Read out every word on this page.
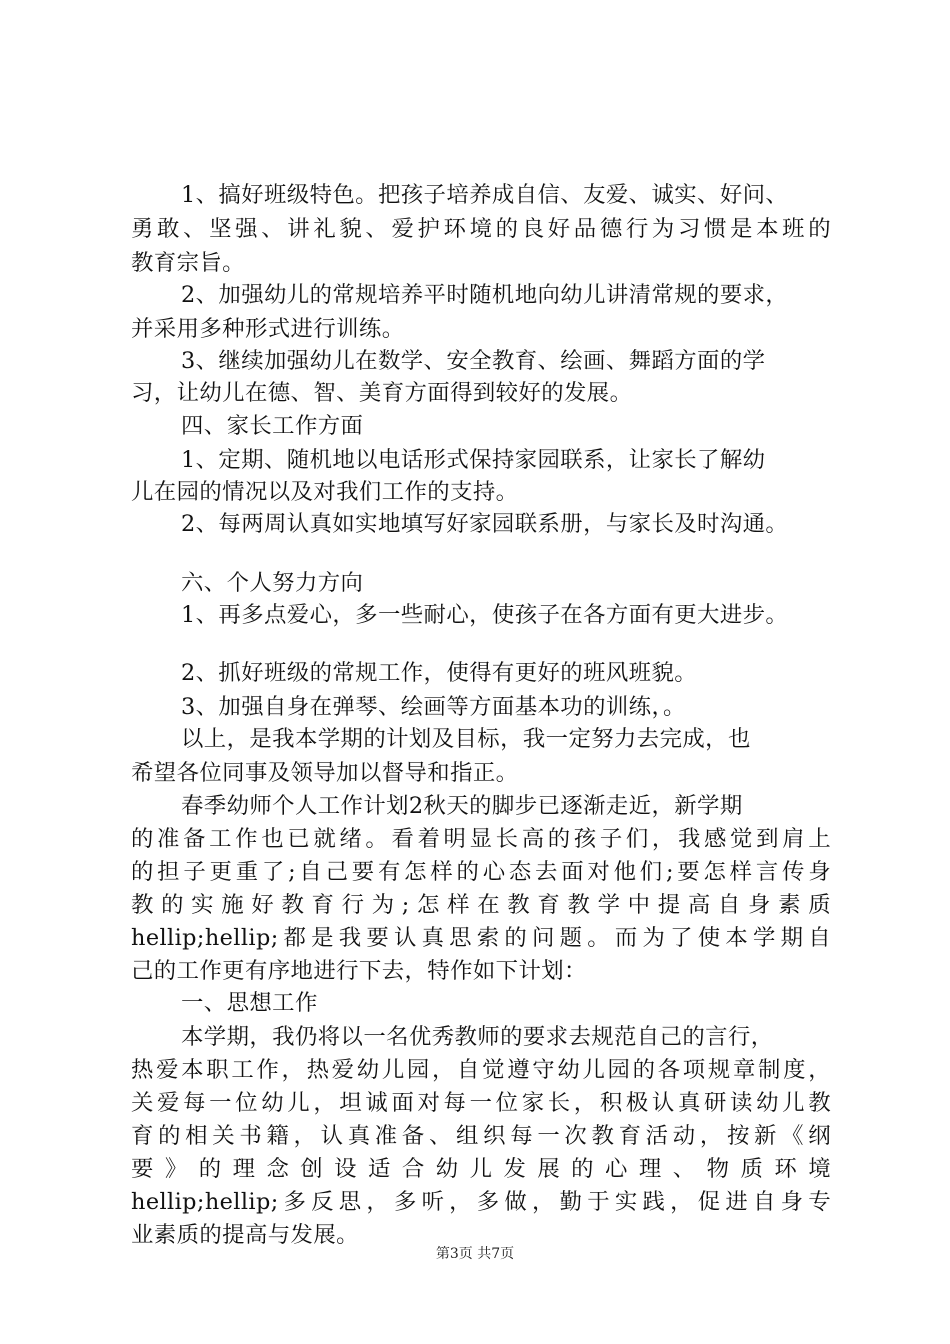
1、搞好班级特色。把孩子培养成自信、友爱、诚实、好问、
勇敢、坚强、讲礼貌、爱护环境的良好品德行为习惯是本班的
教育宗旨。
2、加强幼儿的常规培养平时随机地向幼儿讲清常规的要求，
并采用多种形式进行训练。
3、继续加强幼儿在数学、安全教育、绘画、舞蹈方面的学
习，让幼儿在德、智、美育方面得到较好的发展。
四、家长工作方面
1、定期、随机地以电话形式保持家园联系，让家长了解幼
儿在园的情况以及对我们工作的支持。
2、每两周认真如实地填写好家园联系册，与家长及时沟通。
六、个人努力方向
1、再多点爱心，多一些耐心，使孩子在各方面有更大进步。
2、抓好班级的常规工作，使得有更好的班风班貌。
3、加强自身在弹琴、绘画等方面基本功的训练，。
以上，是我本学期的计划及目标，我一定努力去完成，也
希望各位同事及领导加以督导和指正。
春季幼师个人工作计划2秋天的脚步已逐渐走近，新学期
的准备工作也已就绪。看着明显长高的孩子们，我感觉到肩上
的担子更重了;自己要有怎样的心态去面对他们;要怎样言传身
教的实施好教育行为;怎样在教育教学中提高自身素质
hellip;hellip;都是我要认真思索的问题。而为了使本学期自
己的工作更有序地进行下去，特作如下计划：
一、思想工作
本学期，我仍将以一名优秀教师的要求去规范自己的言行，
热爱本职工作，热爱幼儿园，自觉遵守幼儿园的各项规章制度，
关爱每一位幼儿，坦诚面对每一位家长，积极认真研读幼儿教
育的相关书籍，认真准备、组织每一次教育活动，按新《纲
要》的理念创设适合幼儿发展的心理、物质环境
hellip;hellip;多反思，多听，多做，勤于实践，促进自身专
业素质的提高与发展。
第3页 共7页
